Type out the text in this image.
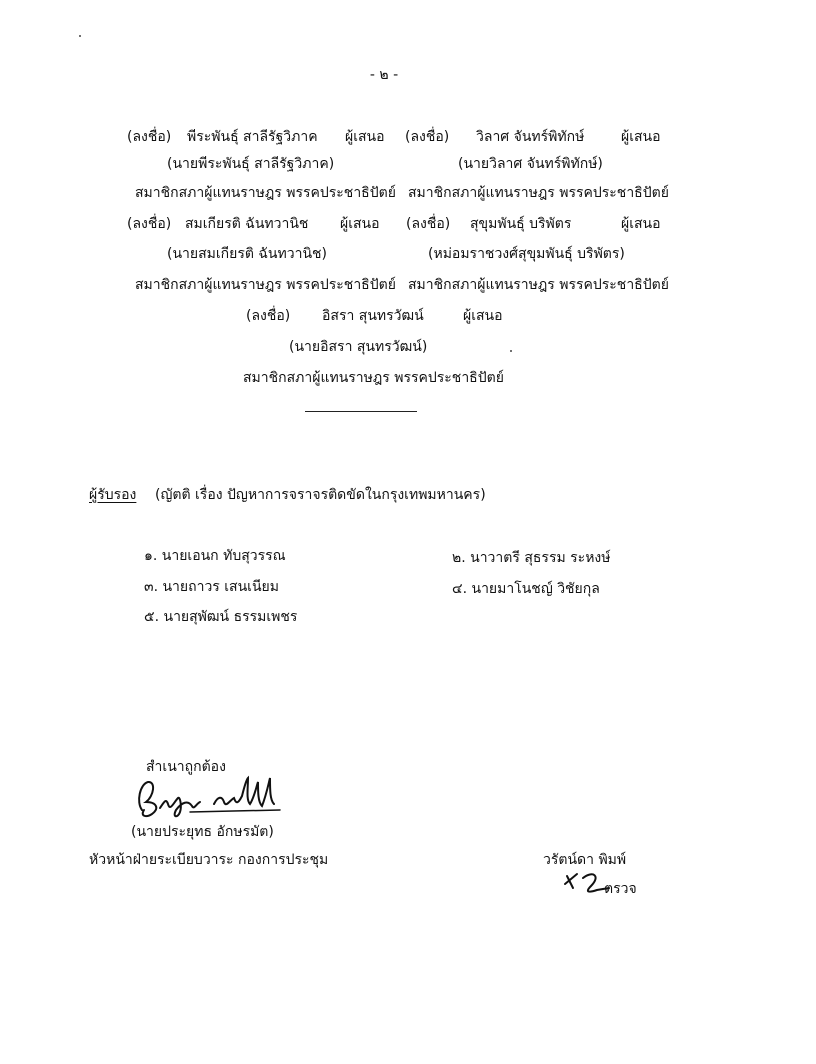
- ๒ -
(ลงชื่อ) พีระพันธุ์ สาลีรัฐวิภาค ผู้เสนอ (ลงชื่อ) วิลาศ จันทร์พิทักษ์	ผู้เสนอ
(นายพีระพันธุ์ สาลีรัฐวิภาค)	(นายวิลาศ จันทร์พิทักษ์)
สมาชิกสภาผู้แทนราษฎร พรรคประชาธิปัตย์ สมาชิกสภาผู้แทนราษฎร พรรคประชาธิปัตย์
(ลงชื่อ) สมเกียรติ ฉันทวานิช ผู้เสนอ (ลงชื่อ) สุขุมพันธุ์ บริพัตร	ผู้เสนอ
(นายสมเกียรติ ฉันทวานิช)	(หม่อมราชวงศ์สุขุมพันธุ์ บริพัตร)
สมาชิกสภาผู้แทนราษฎร พรรคประชาธิปัตย์ สมาชิกสภาผู้แทนราษฎร พรรคประชาธิปัตย์
(ลงชื่อ) อิสรา สุนทรวัฒน์	ผู้เสนอ
(นายอิสรา สุนทรวัฒน์)
สมาชิกสภาผู้แทนราษฎร พรรคประชาธิปัตย์
ผู้รับรอง (ญัตติ เรื่อง ปัญหาการจราจรติดขัดในกรุงเทพมหานคร)
๑. นายเอนก ทับสุวรรณ	๒. นาวาตรี สุธรรม ระหงษ์
๓. นายถาวร เสนเนียม	๔. นายมาโนชญ์ วิชัยกุล
๕. นายสุพัฒน์ ธรรมเพชร
สำเนาถูกต้อง
(นายประยุทธ อักษรมัต)
หัวหน้าฝ่ายระเบียบวาระ กองการประชุม	วรัตน์ดา พิมพ์
ตรวจ
